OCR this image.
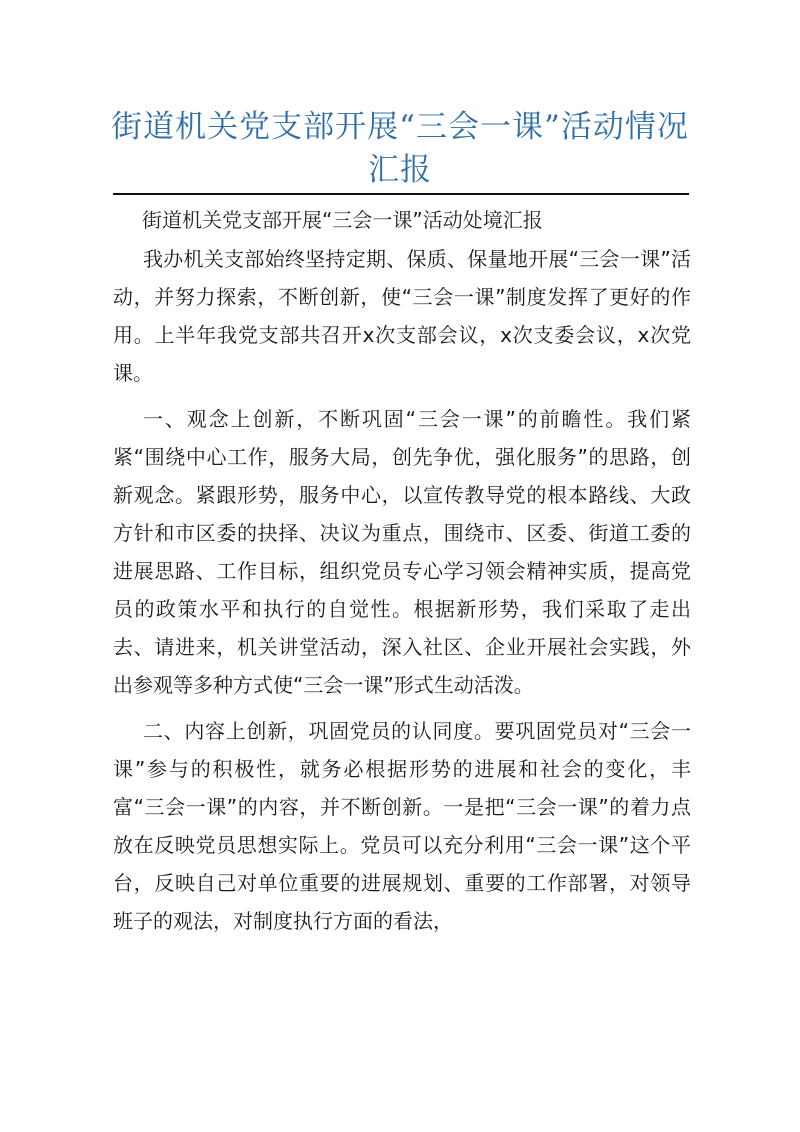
街道机关党支部开展“三会一课”活动情况
汇报
街道机关党支部开展“三会一课”活动处境汇报

我办机关支部始终坚持定期、保质、保量地开展“三会一课”活动，并努力探索，不断创新，使“三会一课”制度发挥了更好的作用。上半年我党支部共召开x次支部会议，x次支委会议，x次党课。

一、观念上创新，不断巩固“三会一课”的前瞻性。我们紧紧“围绕中心工作，服务大局，创先争优，强化服务”的思路，创新观念。紧跟形势，服务中心，以宣传教导党的根本路线、大政方针和市区委的抉择、决议为重点，围绕市、区委、街道工委的进展思路、工作目标，组织党员专心学习领会精神实质，提高党员的政策水平和执行的自觉性。根据新形势，我们采取了走出去、请进来，机关讲堂活动，深入社区、企业开展社会实践，外出参观等多种方式使“三会一课”形式生动活泼。

二、内容上创新，巩固党员的认同度。要巩固党员对“三会一课”参与的积极性，就务必根据形势的进展和社会的变化，丰富“三会一课”的内容，并不断创新。一是把“三会一课”的着力点放在反映党员思想实际上。党员可以充分利用“三会一课”这个平台，反映自己对单位重要的进展规划、重要的工作部署，对领导班子的观法，对制度执行方面的看法，
